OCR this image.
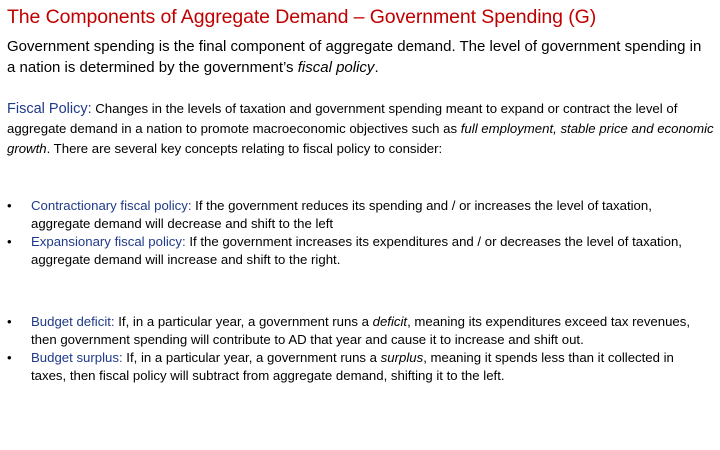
The Components of Aggregate Demand – Government Spending (G)
Government spending is the final component of aggregate demand. The level of government spending in a nation is determined by the government’s fiscal policy.
Fiscal Policy: Changes in the levels of taxation and government spending meant to expand or contract the level of aggregate demand in a nation to promote macroeconomic objectives such as full employment, stable price and economic growth. There are several key concepts relating to fiscal policy to consider:
• Contractionary fiscal policy: If the government reduces its spending and / or increases the level of taxation, aggregate demand will decrease and shift to the left
• Expansionary fiscal policy: If the government increases its expenditures and / or decreases the level of taxation, aggregate demand will increase and shift to the right.
• Budget deficit: If, in a particular year, a government runs a deficit, meaning its expenditures exceed tax revenues, then government spending will contribute to AD that year and cause it to increase and shift out.
• Budget surplus: If, in a particular year, a government runs a surplus, meaning it spends less than it collected in taxes, then fiscal policy will subtract from aggregate demand, shifting it to the left.
